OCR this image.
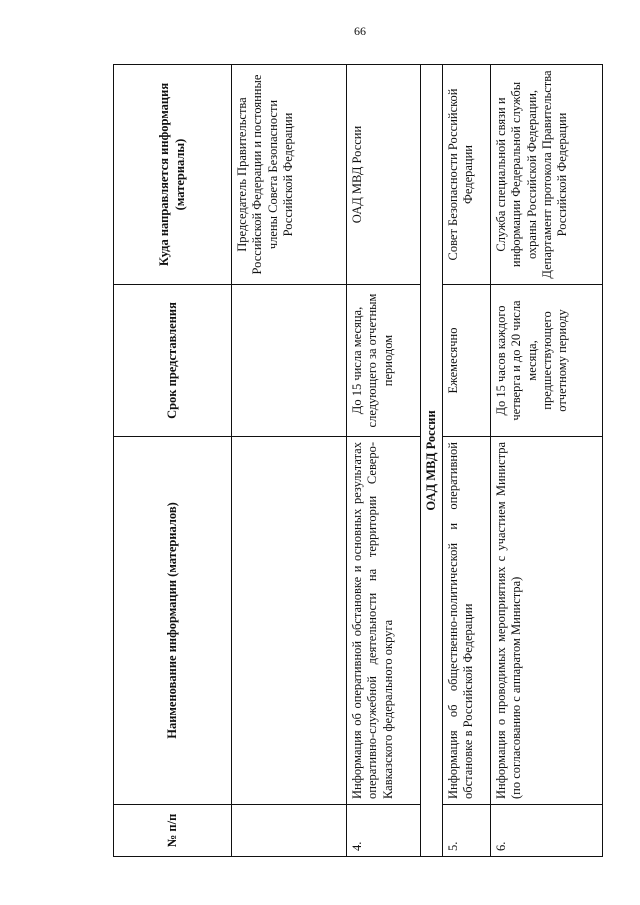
66
№ п/п	Наименование информации (материалов)	Срок представления	Куда направляется информация (материалы)
			Председатель Правительства Российской Федерации и постоянные члены Совета Безопасности Российской Федерации
4.	Информация об оперативной обстановке и основных результатах оперативно-служебной деятельности на территории Северо-Кавказского федерального округа	До 15 числа месяца, следующего за отчетным периодом	ОАД МВД России
ОАД МВД России			
5.	Информация об общественно-политической и оперативной обстановке в Российской Федерации	Ежемесячно	Совет Безопасности Российской Федерации
6.	Информация о проводимых мероприятиях с участием Министра (по согласованию с аппаратом Министра)	До 15 часов каждого четверга и до 20 числа месяца, предшествующего отчетному периоду	Служба специальной связи и информации Федеральной службы охраны Российской Федерации, Департамент протокола Правительства Российской Федерации
